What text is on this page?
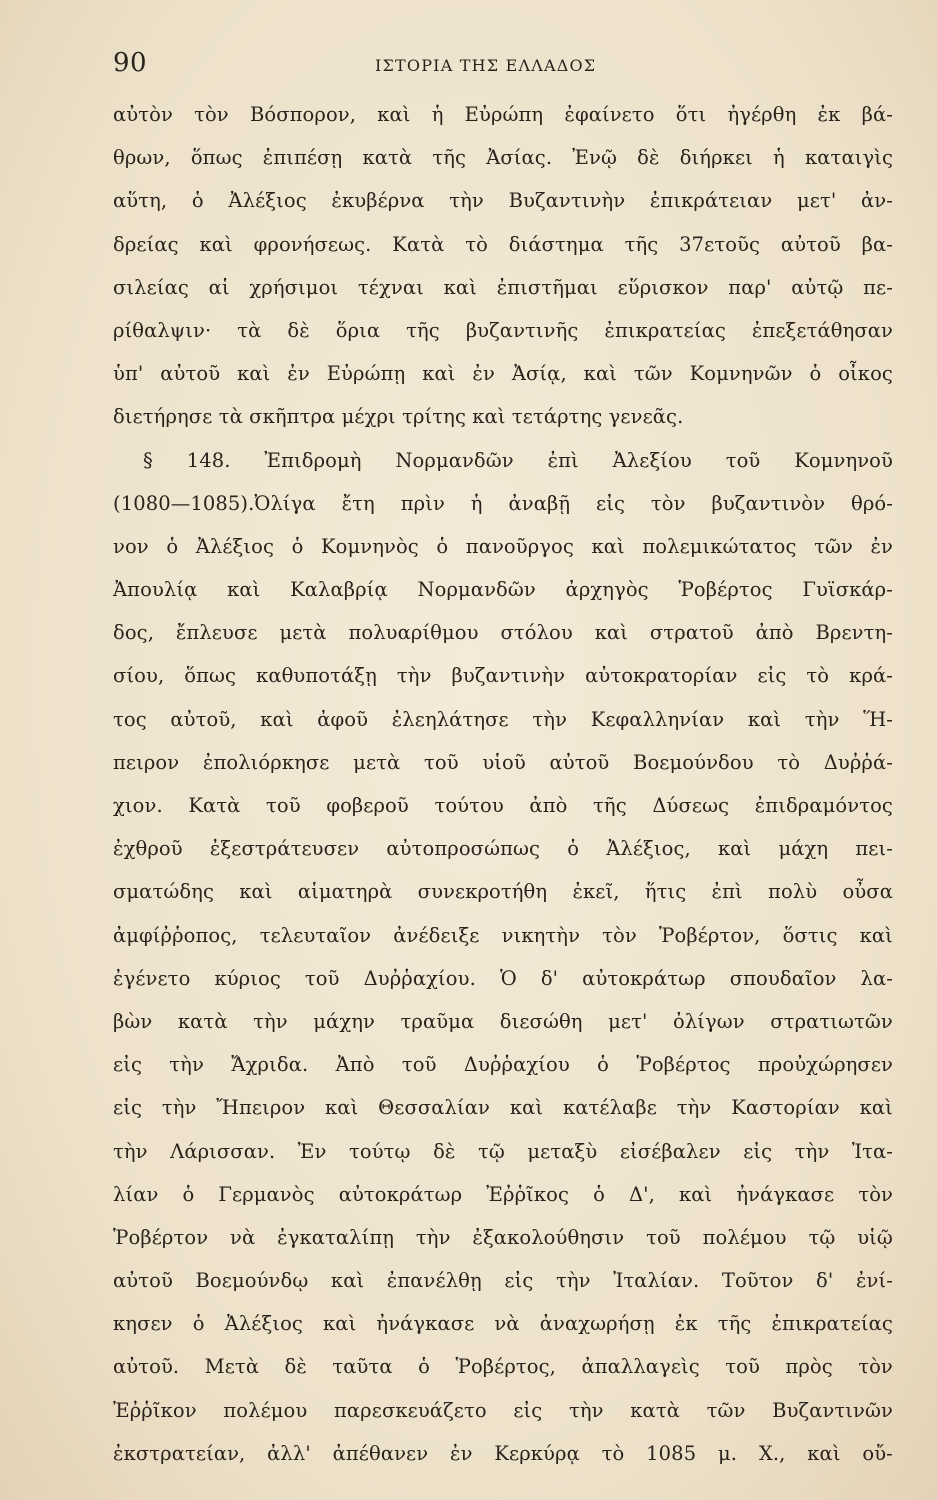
90	ΙΣΤΟΡΙΑ ΤΗΣ ΕΛΛΑΔΟΣ
αὐτὸν τὸν Βόσπορον, καὶ ἡ Εὐρώπη ἐφαίνετο ὅτι ἠγέρθη ἐκ βά-
θρων, ὅπως ἐπιπέσῃ κατὰ τῆς Ἀσίας. Ἐνῷ δὲ διήρκει ἡ καταιγὶς
αὕτη, ὁ Ἀλέξιος ἐκυβέρνα τὴν Βυζαντινὴν ἐπικράτειαν μετ' ἀν-
δρείας καὶ φρονήσεως. Κατὰ τὸ διάστημα τῆς 37ετοῦς αὐτοῦ βα-
σιλείας αἱ χρήσιμοι τέχναι καὶ ἐπιστῆμαι εὕρισκον παρ' αὐτῷ πε-
ρίθαλψιν· τὰ δὲ ὅρια τῆς βυζαντινῆς ἐπικρατείας ἐπεξετάθησαν
ὑπ' αὐτοῦ καὶ ἐν Εὐρώπῃ καὶ ἐν Ἀσίᾳ, καὶ τῶν Κομνηνῶν ὁ οἶκος
διετήρησε τὰ σκῆπτρα μέχρι τρίτης καὶ τετάρτης γενεᾶς.
§ 148. Ἐπιδρομὴ Νορμανδῶν ἐπὶ Ἀλεξίου τοῦ Κομνηνοῦ
(1080—1085).Ὀλίγα ἔτη πρὶν ἡ ἀναβῇ εἰς τὸν βυζαντινὸν θρό-
νον ὁ Ἀλέξιος ὁ Κομνηνὸς ὁ πανοῦργος καὶ πολεμικώτατος τῶν ἐν
Ἀπουλίᾳ καὶ Καλαβρίᾳ Νορμανδῶν ἀρχηγὸς Ῥοβέρτος Γυϊσκάρ-
δος, ἔπλευσε μετὰ πολυαρίθμου στόλου καὶ στρατοῦ ἀπὸ Βρεντη-
σίου, ὅπως καθυποτάξῃ τὴν βυζαντινὴν αὐτοκρατορίαν εἰς τὸ κρά-
τος αὐτοῦ, καὶ ἀφοῦ ἐλεηλάτησε τὴν Κεφαλληνίαν καὶ τὴν Ἥ-
πειρον ἐπολιόρκησε μετὰ τοῦ υἱοῦ αὐτοῦ Βοεμούνδου τὸ Δυῤῥά-
χιον. Κατὰ τοῦ φοβεροῦ τούτου ἀπὸ τῆς Δύσεως ἐπιδραμόντος
ἐχθροῦ ἐξεστράτευσεν αὐτοπροσώπως ὁ Ἀλέξιος, καὶ μάχη πει-
σματώδης καὶ αἱματηρὰ συνεκροτήθη ἐκεῖ, ἥτις ἐπὶ πολὺ οὖσα
ἀμφίῤῥοπος, τελευταῖον ἀνέδειξε νικητὴν τὸν Ῥοβέρτον, ὅστις καὶ
ἐγένετο κύριος τοῦ Δυῤῥαχίου. Ὁ δ' αὐτοκράτωρ σπουδαῖον λα-
βὼν κατὰ τὴν μάχην τραῦμα διεσώθη μετ' ὀλίγων στρατιωτῶν
εἰς τὴν Ἄχριδα. Ἀπὸ τοῦ Δυῤῥαχίου ὁ Ῥοβέρτος προὐχώρησεν
εἰς τὴν Ἤπειρον καὶ Θεσσαλίαν καὶ κατέλαβε τὴν Καστορίαν καὶ
τὴν Λάρισσαν. Ἐν τούτῳ δὲ τῷ μεταξὺ εἰσέβαλεν εἰς τὴν Ἰτα-
λίαν ὁ Γερμανὸς αὐτοκράτωρ Ἐῤῥῖκος ὁ Δ', καὶ ἠνάγκασε τὸν
Ῥοβέρτον νὰ ἐγκαταλίπῃ τὴν ἐξακολούθησιν τοῦ πολέμου τῷ υἱῷ
αὐτοῦ Βοεμούνδῳ καὶ ἐπανέλθῃ εἰς τὴν Ἰταλίαν. Τοῦτον δ' ἐνί-
κησεν ὁ Ἀλέξιος καὶ ἠνάγκασε νὰ ἀναχωρήσῃ ἐκ τῆς ἐπικρατείας
αὐτοῦ. Μετὰ δὲ ταῦτα ὁ Ῥοβέρτος, ἀπαλλαγεὶς τοῦ πρὸς τὸν
Ἐῤῥῖκον πολέμου παρεσκευάζετο εἰς τὴν κατὰ τῶν Βυζαντινῶν
ἐκστρατείαν, ἀλλ' ἀπέθανεν ἐν Κερκύρᾳ τὸ 1085 μ. Χ., καὶ οὔ-
